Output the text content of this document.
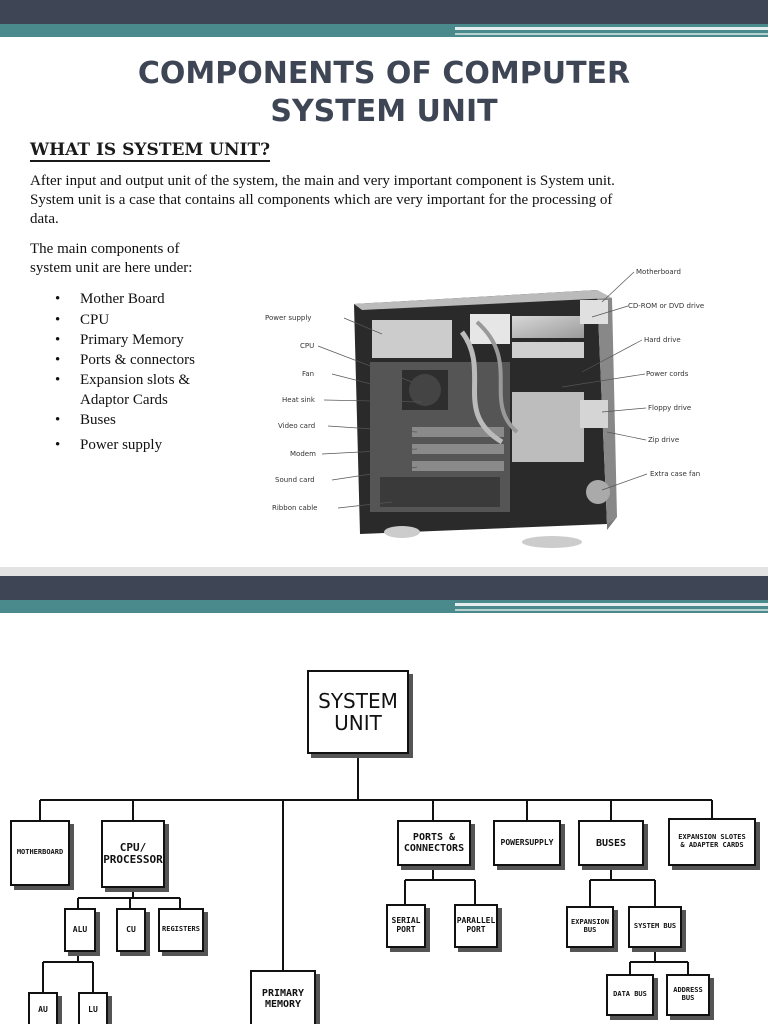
COMPONENTS OF COMPUTER
SYSTEM UNIT
WHAT IS SYSTEM UNIT?
After input and output unit of the system, the main and very important component is System unit.
System unit is a case that contains all components which are very important for the processing of
data.
The main components of
system unit are here under:
• Mother Board
• CPU
• Primary Memory
• Ports & connectors
• Expansion slots &
Adaptor Cards
• Buses
• Power supply
Power supply
CPU
Fan
Heat sink
Video card
Modem
Sound card
Ribbon cable
Motherboard
CD-ROM or DVD drive
Hard drive
Power cords
Floppy drive
Zip drive
Extra case fan
SYSTEM
UNIT
MOTHERBOARD	CPU/
PROCESSOR
ALU	CU	REGISTERS
AU	LU
PRIMARY
MEMORY
PORTS &
CONNECTORS
SERIAL
PORT
PARALLEL
PORT
POWERSUPPLY	BUSES
EXPANSION
BUS	SYSTEM BUS
DATA BUS	ADDRESS
BUS
EXPANSION SLOTES
& ADAPTER CARDS
